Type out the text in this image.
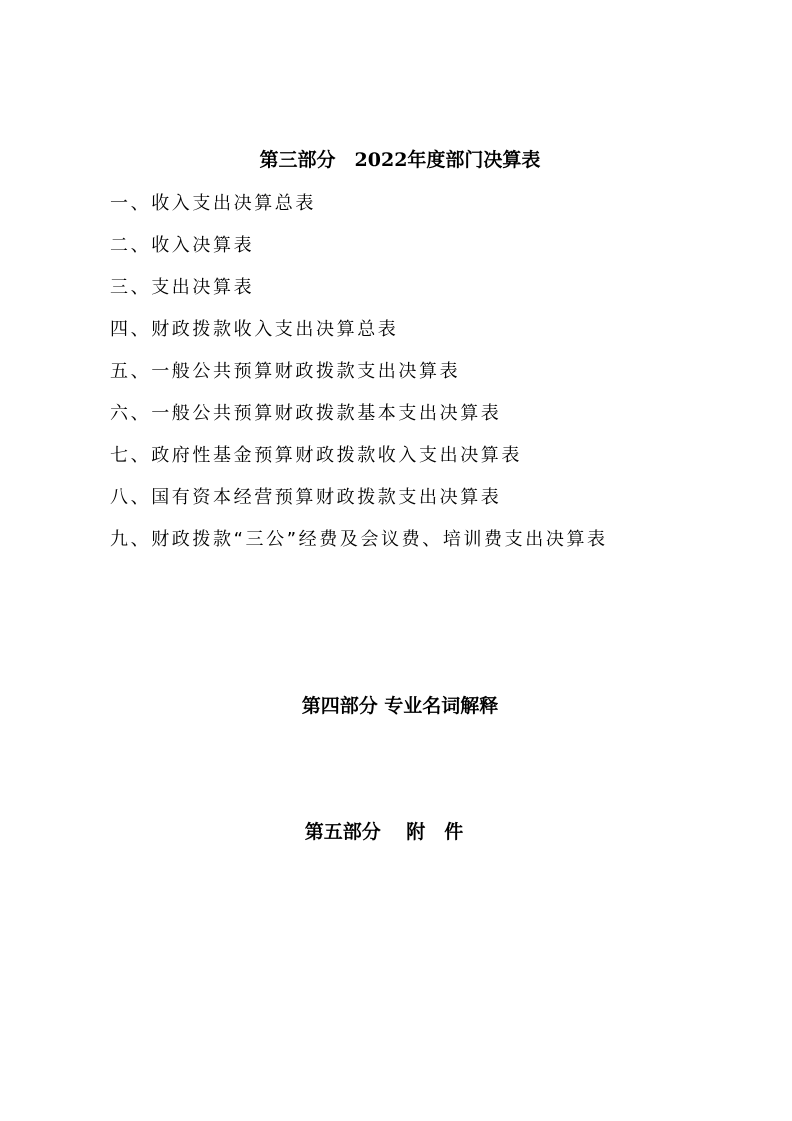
第三部分　2022年度部门决算表
一、收入支出决算总表
二、收入决算表
三、支出决算表
四、财政拨款收入支出决算总表
五、一般公共预算财政拨款支出决算表
六、一般公共预算财政拨款基本支出决算表
七、政府性基金预算财政拨款收入支出决算表
八、国有资本经营预算财政拨款支出决算表
九、财政拨款“三公”经费及会议费、培训费支出决算表
第四部分 专业名词解释
第五部分　 附　件
